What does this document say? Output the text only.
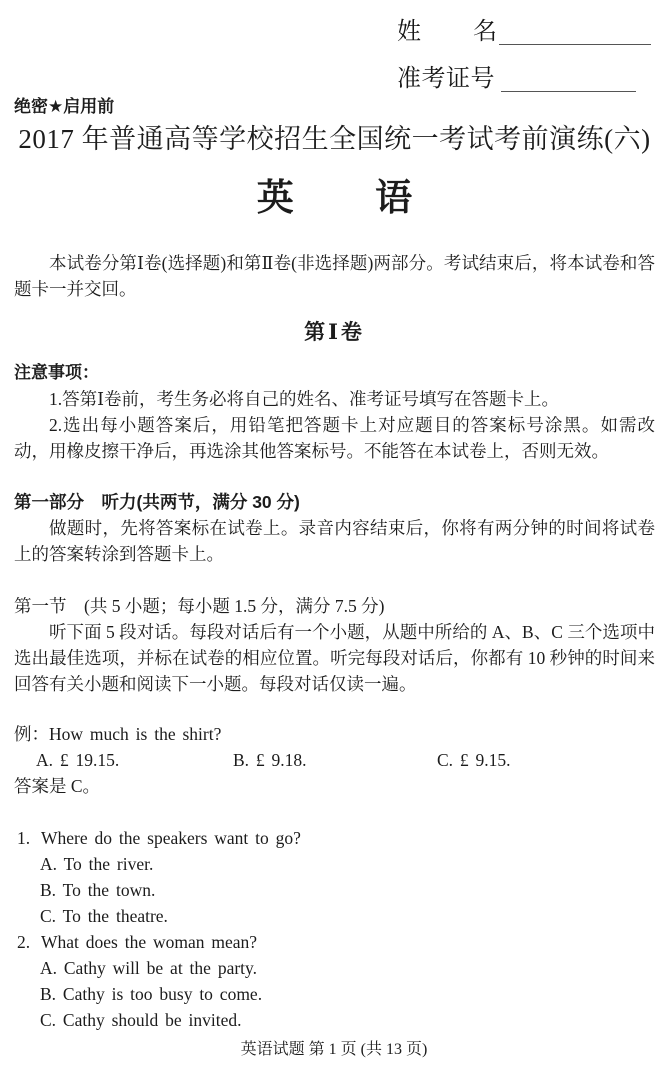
姓名
准考证号
绝密★启用前
2017 年普通高等学校招生全国统一考试考前演练(六)
英语

本试卷分第Ⅰ卷(选择题)和第Ⅱ卷(非选择题)两部分。考试结束后，将本试卷和答题卡一并交回。

第Ⅰ卷
注意事项：

1.答第Ⅰ卷前，考生务必将自己的姓名、准考证号填写在答题卡上。

2.选出每小题答案后，用铅笔把答题卡上对应题目的答案标号涂黑。如需改动，用橡皮擦干净后，再选涂其他答案标号。不能答在本试卷上，否则无效。

第一部分 听力(共两节，满分 30 分)

做题时，先将答案标在试卷上。录音内容结束后，你将有两分钟的时间将试卷上的答案转涂到答题卡上。

第一节 (共 5 小题；每小题 1.5 分，满分 7.5 分)

听下面 5 段对话。每段对话后有一个小题，从题中所给的 A、B、C 三个选项中选出最佳选项，并标在试卷的相应位置。听完每段对话后，你都有 10 秒钟的时间来回答有关小题和阅读下一小题。每段对话仅读一遍。

例：How much is the shirt?
A. £ 19.15.	B. £ 9.18.	C. £ 9.15.
答案是 C。
1. Where do the speakers want to go?
A. To the river.
B. To the town.
C. To the theatre.
2. What does the woman mean?
A. Cathy will be at the party.
B. Cathy is too busy to come.
C. Cathy should be invited.
英语试题 第 1 页 (共 13 页)
